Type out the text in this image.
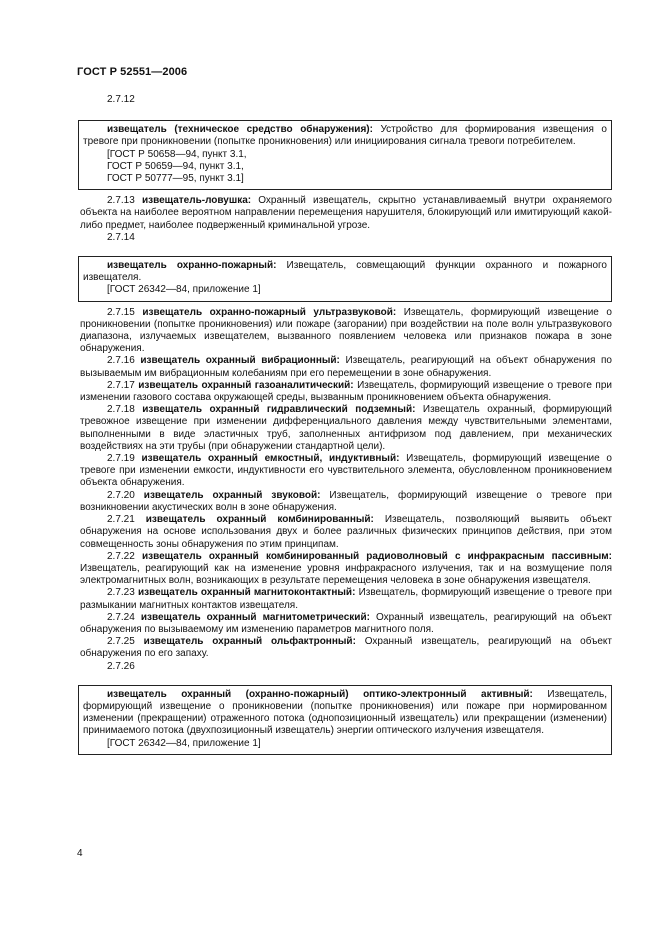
ГОСТ Р 52551—2006
2.7.12

извещатель (техническое средство обнаружения): Устройство для формирования извещения о тревоге при проникновении (попытке проникновения) или инициирования сигнала тревоги потребителем.

[ГОСТ Р 50658—94, пункт 3.1,

ГОСТ Р 50659—94, пункт 3.1,

ГОСТ Р 50777—95, пункт 3.1]

2.7.13 извещатель-ловушка: Охранный извещатель, скрытно устанавливаемый внутри охраняемого объекта на наиболее вероятном направлении перемещения нарушителя, блокирующий или имитирующий какой-либо предмет, наиболее подверженный криминальной угрозе.

2.7.14

извещатель охранно-пожарный: Извещатель, совмещающий функции охранного и пожарного извещателя.

[ГОСТ 26342—84, приложение 1]

2.7.15 извещатель охранно-пожарный ультразвуковой: Извещатель, формирующий извещение о проникновении (попытке проникновения) или пожаре (загорании) при воздействии на поле волн ультразвукового диапазона, излучаемых извещателем, вызванного появлением человека или признаков пожара в зоне обнаружения.

2.7.16 извещатель охранный вибрационный: Извещатель, реагирующий на объект обнаружения по вызываемым им вибрационным колебаниям при его перемещении в зоне обнаружения.

2.7.17 извещатель охранный газоаналитический: Извещатель, формирующий извещение о тревоге при изменении газового состава окружающей среды, вызванным проникновением объекта обнаружения.

2.7.18 извещатель охранный гидравлический подземный: Извещатель охранный, формирующий тревожное извещение при изменении дифференциального давления между чувствительными элементами, выполненными в виде эластичных труб, заполненных антифризом под давлением, при механических воздействиях на эти трубы (при обнаружении стандартной цели).

2.7.19 извещатель охранный емкостный, индуктивный: Извещатель, формирующий извещение о тревоге при изменении емкости, индуктивности его чувствительного элемента, обусловленном проникновением объекта обнаружения.

2.7.20 извещатель охранный звуковой: Извещатель, формирующий извещение о тревоге при возникновении акустических волн в зоне обнаружения.

2.7.21 извещатель охранный комбинированный: Извещатель, позволяющий выявить объект обнаружения на основе использования двух и более различных физических принципов действия, при этом совмещенность зоны обнаружения по этим принципам.

2.7.22 извещатель охранный комбинированный радиоволновый с инфракрасным пассивным: Извещатель, реагирующий как на изменение уровня инфракрасного излучения, так и на возмущение поля электромагнитных волн, возникающих в результате перемещения человека в зоне обнаружения извещателя.

2.7.23 извещатель охранный магнитоконтактный: Извещатель, формирующий извещение о тревоге при размыкании магнитных контактов извещателя.

2.7.24 извещатель охранный магнитометрический: Охранный извещатель, реагирующий на объект обнаружения по вызываемому им изменению параметров магнитного поля.

2.7.25 извещатель охранный ольфактронный: Охранный извещатель, реагирующий на объект обнаружения по его запаху.

2.7.26

извещатель охранный (охранно-пожарный) оптико-электронный активный: Извещатель, формирующий извещение о проникновении (попытке проникновения) или пожаре при нормированном изменении (прекращении) отраженного потока (однопозиционный извещатель) или прекращении (изменении) принимаемого потока (двухпозиционный извещатель) энергии оптического излучения извещателя.

[ГОСТ 26342—84, приложение 1]

4
